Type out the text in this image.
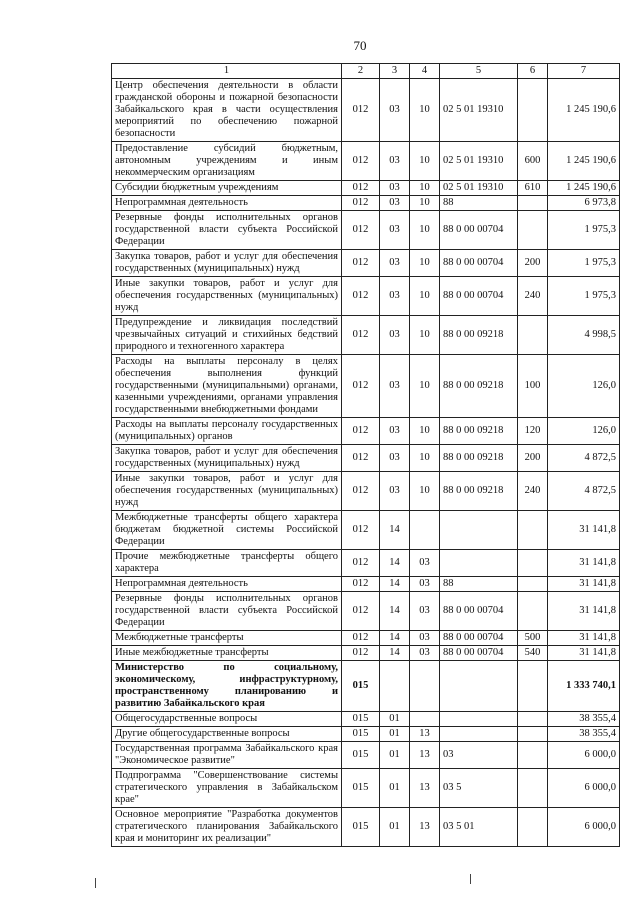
70
1	2	3	4	5	6	7
Центр обеспечения деятельности в области гражданской обороны и пожарной безопасности Забайкальского края в части осуществления мероприятий по обеспечению пожарной безопасности	012	03	10	02 5 01 19310		1 245 190,6
Предоставление субсидий бюджетным, автономным учреждениям и иным некоммерческим организациям	012	03	10	02 5 01 19310	600	1 245 190,6
Субсидии бюджетным учреждениям	012	03	10	02 5 01 19310	610	1 245 190,6
Непрограммная деятельность	012	03	10	88		6 973,8
Резервные фонды исполнительных органов государственной власти субъекта Российской Федерации	012	03	10	88 0 00 00704		1 975,3
Закупка товаров, работ и услуг для обеспечения государственных (муниципальных) нужд	012	03	10	88 0 00 00704	200	1 975,3
Иные закупки товаров, работ и услуг для обеспечения государственных (муниципальных) нужд	012	03	10	88 0 00 00704	240	1 975,3
Предупреждение и ликвидация последствий чрезвычайных ситуаций и стихийных бедствий природного и техногенного характера	012	03	10	88 0 00 09218		4 998,5
Расходы на выплаты персоналу в целях обеспечения выполнения функций государственными (муниципальными) органами, казенными учреждениями, органами управления государственными внебюджетными фондами	012	03	10	88 0 00 09218	100	126,0
Расходы на выплаты персоналу государственных (муниципальных) органов	012	03	10	88 0 00 09218	120	126,0
Закупка товаров, работ и услуг для обеспечения государственных (муниципальных) нужд	012	03	10	88 0 00 09218	200	4 872,5
Иные закупки товаров, работ и услуг для обеспечения государственных (муниципальных) нужд	012	03	10	88 0 00 09218	240	4 872,5
Межбюджетные трансферты общего характера бюджетам бюджетной системы Российской Федерации	012	14				31 141,8
Прочие межбюджетные трансферты общего характера	012	14	03			31 141,8
Непрограммная деятельность	012	14	03	88		31 141,8
Резервные фонды исполнительных органов государственной власти субъекта Российской Федерации	012	14	03	88 0 00 00704		31 141,8
Межбюджетные трансферты	012	14	03	88 0 00 00704	500	31 141,8
Иные межбюджетные трансферты	012	14	03	88 0 00 00704	540	31 141,8
Министерство по социальному, экономическому, инфраструктурному, пространственному планированию и развитию Забайкальского края	015					1 333 740,1
Общегосударственные вопросы	015	01				38 355,4
Другие общегосударственные вопросы	015	01	13			38 355,4
Государственная программа Забайкальского края "Экономическое развитие"	015	01	13	03		6 000,0
Подпрограмма "Совершенствование системы стратегического управления в Забайкальском крае"	015	01	13	03 5		6 000,0
Основное мероприятие "Разработка документов стратегического планирования Забайкальского края и мониторинг их реализации"	015	01	13	03 5 01		6 000,0
